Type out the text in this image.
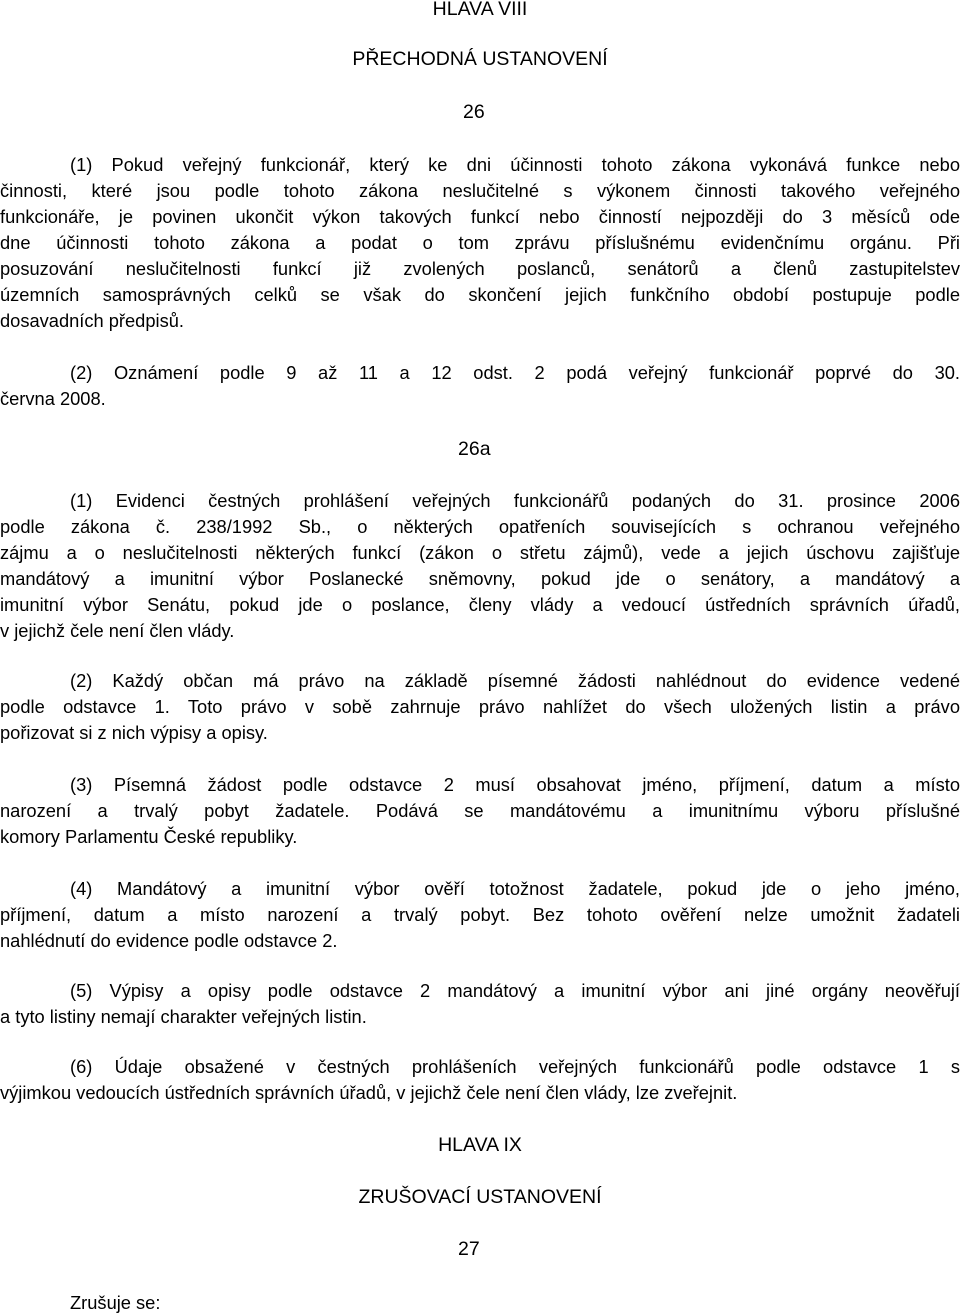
HLAVA VIII
PŘECHODNÁ USTANOVENÍ
26
(1) Pokud veřejný funkcionář, který ke dni účinnosti tohoto zákona vykonává funkce nebo
činnosti, které jsou podle tohoto zákona neslučitelné s výkonem činnosti takového veřejného
funkcionáře, je povinen ukončit výkon takových funkcí nebo činností nejpozději do 3 měsíců ode
dne účinnosti tohoto zákona a podat o tom zprávu příslušnému evidenčnímu orgánu. Při
posuzování neslučitelnosti funkcí již zvolených poslanců, senátorů a členů zastupitelstev
územních samosprávných celků se však do skončení jejich funkčního období postupuje podle
dosavadních předpisů.
(2) Oznámení podle 9 až 11 a 12 odst. 2 podá veřejný funkcionář poprvé do 30.
června 2008.
26a
(1) Evidenci čestných prohlášení veřejných funkcionářů podaných do 31. prosince 2006
podle zákona č. 238/1992 Sb., o některých opatřeních souvisejících s ochranou veřejného
zájmu a o neslučitelnosti některých funkcí (zákon o střetu zájmů), vede a jejich úschovu zajišťuje
mandátový a imunitní výbor Poslanecké sněmovny, pokud jde o senátory, a mandátový a
imunitní výbor Senátu, pokud jde o poslance, členy vlády a vedoucí ústředních správních úřadů,
v jejichž čele není člen vlády.
(2) Každý občan má právo na základě písemné žádosti nahlédnout do evidence vedené
podle odstavce 1. Toto právo v sobě zahrnuje právo nahlížet do všech uložených listin a právo
pořizovat si z nich výpisy a opisy.
(3) Písemná žádost podle odstavce 2 musí obsahovat jméno, příjmení, datum a místo
narození a trvalý pobyt žadatele. Podává se mandátovému a imunitnímu výboru příslušné
komory Parlamentu České republiky.
(4) Mandátový a imunitní výbor ověří totožnost žadatele, pokud jde o jeho jméno,
příjmení, datum a místo narození a trvalý pobyt. Bez tohoto ověření nelze umožnit žadateli
nahlédnutí do evidence podle odstavce 2.
(5) Výpisy a opisy podle odstavce 2 mandátový a imunitní výbor ani jiné orgány neověřují
a tyto listiny nemají charakter veřejných listin.
(6) Údaje obsažené v čestných prohlášeních veřejných funkcionářů podle odstavce 1 s
výjimkou vedoucích ústředních správních úřadů, v jejichž čele není člen vlády, lze zveřejnit.
HLAVA IX
ZRUŠOVACÍ USTANOVENÍ
27
Zrušuje se:
